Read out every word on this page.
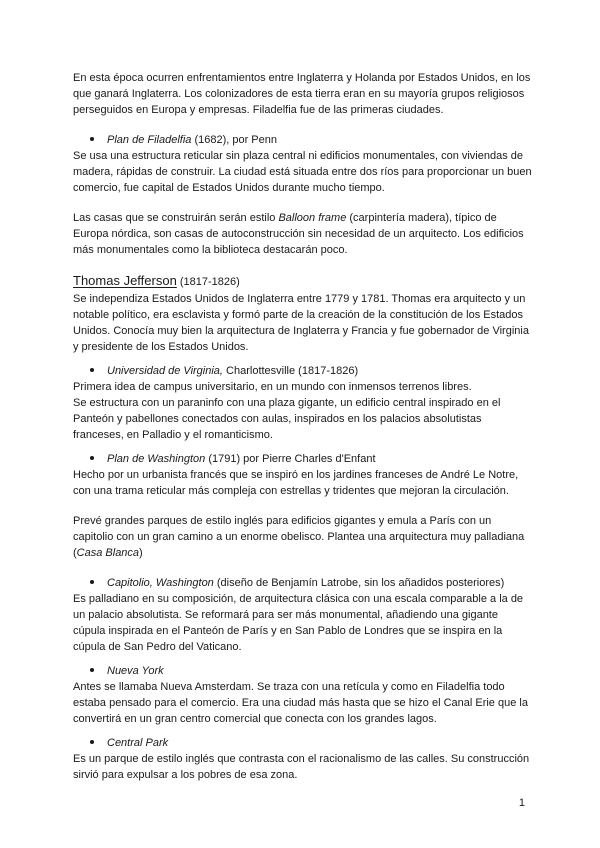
En esta época ocurren enfrentamientos entre Inglaterra y Holanda por Estados Unidos, en los que ganará Inglaterra. Los colonizadores de esta tierra eran en su mayoría grupos religiosos perseguidos en Europa y empresas. Filadelfia fue de las primeras ciudades.

Plan de Filadelfia (1682), por Penn

Se usa una estructura reticular sin plaza central ni edificios monumentales, con viviendas de madera, rápidas de construir. La ciudad está situada entre dos ríos para proporcionar un buen comercio, fue capital de Estados Unidos durante mucho tiempo.

Las casas que se construirán serán estilo Balloon frame (carpintería madera), típico de Europa nórdica, son casas de autoconstrucción sin necesidad de un arquitecto. Los edificios más monumentales como la biblioteca destacarán poco.

Thomas Jefferson (1817-1826)

Se independiza Estados Unidos de Inglaterra entre 1779 y 1781. Thomas era arquitecto y un notable político, era esclavista y formó parte de la creación de la constitución de los Estados Unidos. Conocía muy bien la arquitectura de Inglaterra y Francia y fue gobernador de Virginia y presidente de los Estados Unidos.

Universidad de Virginia, Charlottesville (1817-1826)

Primera idea de campus universitario, en un mundo con inmensos terrenos libres.

Se estructura con un paraninfo con una plaza gigante, un edificio central inspirado en el Panteón y pabellones conectados con aulas, inspirados en los palacios absolutistas franceses, en Palladio y el romanticismo.

Plan de Washington (1791) por Pierre Charles d'Enfant

Hecho por un urbanista francés que se inspiró en los jardines franceses de André Le Notre, con una trama reticular más compleja con estrellas y tridentes que mejoran la circulación.

Prevé grandes parques de estilo inglés para edificios gigantes y emula a París con un capitolio con un gran camino a un enorme obelisco. Plantea una arquitectura muy palladiana (Casa Blanca)

Capitolio, Washington (diseño de Benjamín Latrobe, sin los añadidos posteriores)

Es palladiano en su composición, de arquitectura clásica con una escala comparable a la de un palacio absolutista. Se reformará para ser más monumental, añadiendo una gigante cúpula inspirada en el Panteón de París y en San Pablo de Londres que se inspira en la cúpula de San Pedro del Vaticano.

Nueva York

Antes se llamaba Nueva Amsterdam. Se traza con una retícula y como en Filadelfia todo estaba pensado para el comercio. Era una ciudad más hasta que se hizo el Canal Erie que la convertirá en un gran centro comercial que conecta con los grandes lagos.

Central Park

Es un parque de estilo inglés que contrasta con el racionalismo de las calles. Su construcción sirvió para expulsar a los pobres de esa zona.

1
